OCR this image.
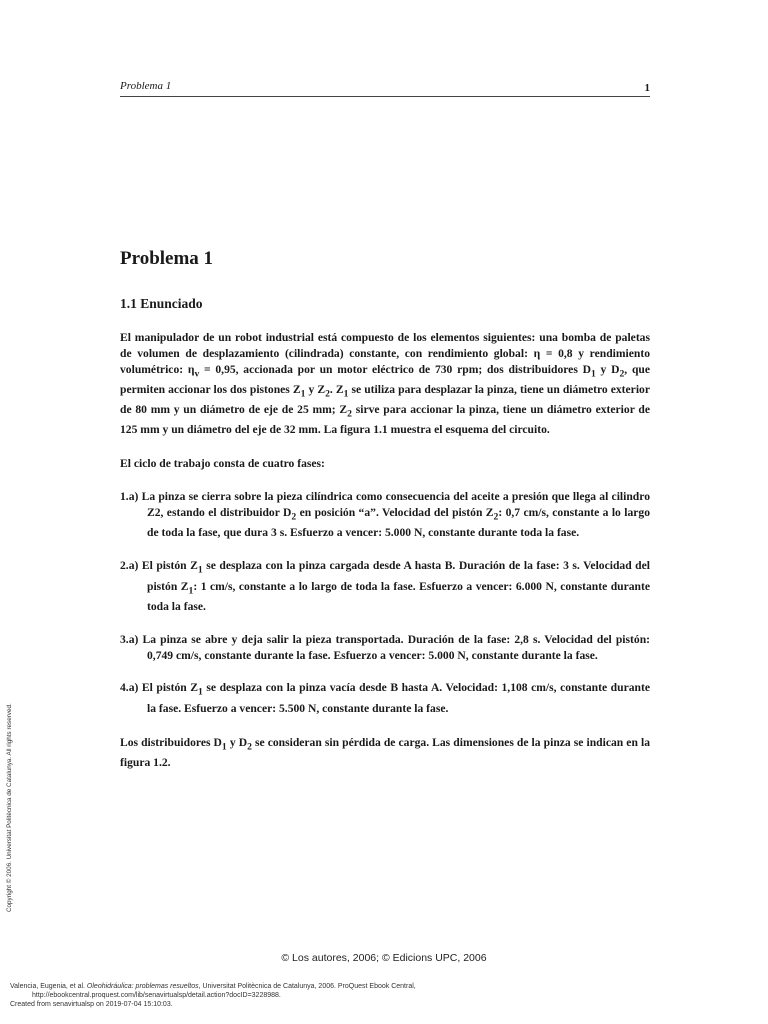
Problema 1	1
Problema 1
1.1 Enunciado

El manipulador de un robot industrial está compuesto de los elementos siguientes: una bomba de paletas de volumen de desplazamiento (cilindrada) constante, con rendimiento global: η = 0,8 y rendimiento volumétrico: $\eta_v = 0,95$, accionada por un motor eléctrico de 730 rpm; dos distribuidores $D_1$ y $D_2$, que permiten accionar los dos pistones $Z_1$ y $Z_2$. $Z_1$ se utiliza para desplazar la pinza, tiene un diámetro exterior de 80 mm y un diámetro de eje de 25 mm; $Z_2$ sirve para accionar la pinza, tiene un diámetro exterior de 125 mm y un diámetro del eje de 32 mm. La figura 1.1 muestra el esquema del circuito.

El ciclo de trabajo consta de cuatro fases:

1.a) La pinza se cierra sobre la pieza cilíndrica como consecuencia del aceite a presión que llega al cilindro Z2, estando el distribuidor $D_2$ en posición “a”. Velocidad del pistón $Z_2$: 0,7 cm/s, constante a lo largo de toda la fase, que dura 3 s. Esfuerzo a vencer: 5.000 N, constante durante toda la fase.
2.a) El pistón $Z_1$ se desplaza con la pinza cargada desde A hasta B. Duración de la fase: 3 s. Velocidad del pistón $Z_1$: 1 cm/s, constante a lo largo de toda la fase. Esfuerzo a vencer: 6.000 N, constante durante toda la fase.
3.a) La pinza se abre y deja salir la pieza transportada. Duración de la fase: 2,8 s. Velocidad del pistón: 0,749 cm/s, constante durante la fase. Esfuerzo a vencer: 5.000 N, constante durante la fase.
4.a) El pistón $Z_1$ se desplaza con la pinza vacía desde B hasta A. Velocidad: 1,108 cm/s, constante durante la fase. Esfuerzo a vencer: 5.500 N, constante durante la fase.

Los distribuidores $D_1$ y $D_2$ se consideran sin pérdida de carga. Las dimensiones de la pinza se indican en la figura 1.2.

Copyright © 2006. Universitat Politècnica de Catalunya. All rights reserved.
© Los autores, 2006; © Edicions UPC, 2006
Valencia, Eugenia, et al. Oleohidráulica: problemas resueltos, Universitat Politècnica de Catalunya, 2006. ProQuest Ebook Central,
http://ebookcentral.proquest.com/lib/senavirtualsp/detail.action?docID=3228988.
Created from senavirtualsp on 2019-07-04 15:10:03.
